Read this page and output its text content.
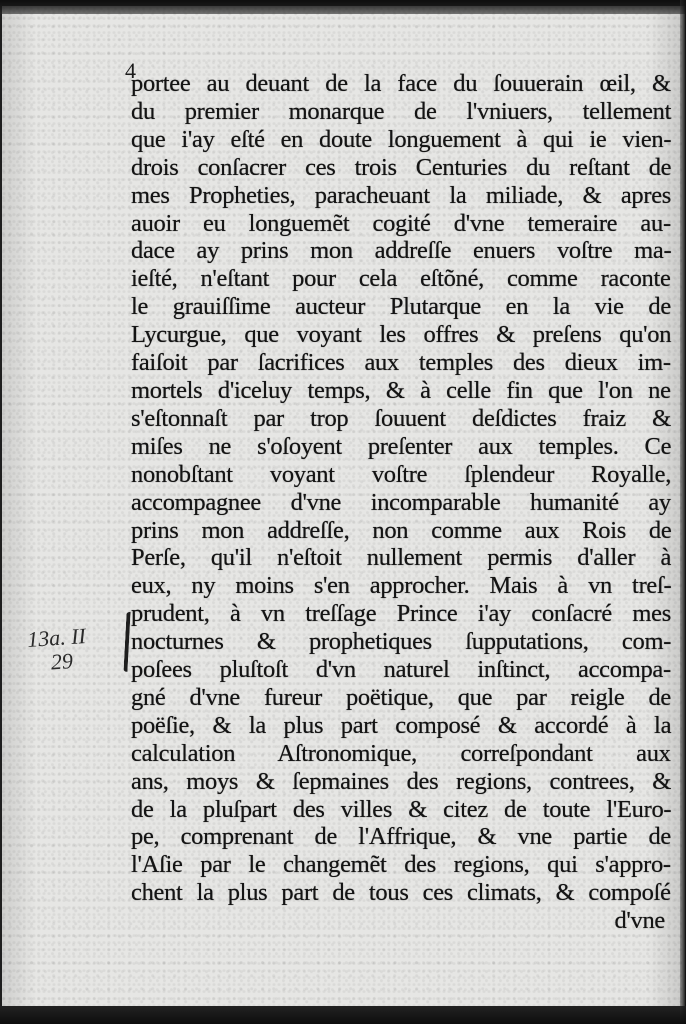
4
13a. II
29
portee au deuant de la face du ſouuerain œil, &
du premier monarque de l'vniuers, tellement
que i'ay eſté en doute longuement à qui ie vien-
drois conſacrer ces trois Centuries du reſtant de
mes Propheties, paracheuant la miliade, & apres
auoir eu longuemẽt cogité d'vne temeraire au-
dace ay prins mon addreſſe enuers voſtre ma-
ieſté, n'eſtant pour cela eſtõné, comme raconte
le grauiſſime aucteur Plutarque en la vie de
Lycurgue, que voyant les offres & preſens qu'on
faiſoit par ſacrifices aux temples des dieux im-
mortels d'iceluy temps, & à celle fin que l'on ne
s'eſtonnaſt par trop ſouuent deſdictes fraiz &
miſes ne s'oſoyent preſenter aux temples. Ce
nonobſtant voyant voſtre ſplendeur Royalle,
accompagnee d'vne incomparable humanité ay
prins mon addreſſe, non comme aux Rois de
Perſe, qu'il n'eſtoit nullement permis d'aller à
eux, ny moins s'en approcher. Mais à vn treſ-
prudent, à vn treſſage Prince i'ay conſacré mes
nocturnes & prophetiques ſupputations, com-
poſees pluſtoſt d'vn naturel inſtinct, accompa-
gné d'vne fureur poëtique, que par reigle de
poëſie, & la plus part composé & accordé à la
calculation Aſtronomique, correſpondant aux
ans, moys & ſepmaines des regions, contrees, &
de la pluſpart des villes & citez de toute l'Euro-
pe, comprenant de l'Affrique, & vne partie de
l'Aſie par le changemẽt des regions, qui s'appro-
chent la plus part de tous ces climats, & compoſé
d'vne
